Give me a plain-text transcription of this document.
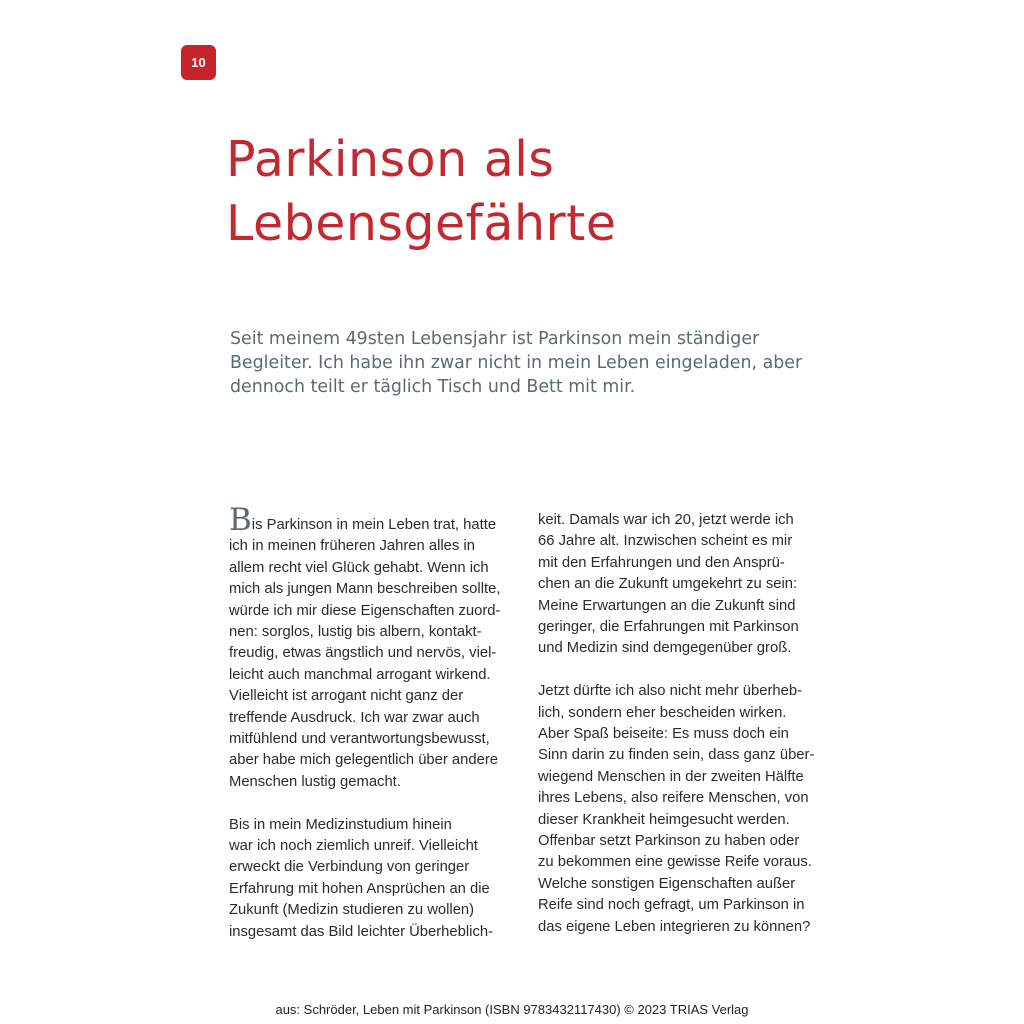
10
Parkinson als
Lebensgefährte

Seit meinem 49sten Lebensjahr ist Parkinson mein ständiger
Begleiter. Ich habe ihn zwar nicht in mein Leben eingeladen, aber
dennoch teilt er täglich Tisch und Bett mit mir.

Bis Parkinson in mein Leben trat, hatte
ich in meinen früheren Jahren alles in
allem recht viel Glück gehabt. Wenn ich
mich als jungen Mann beschreiben sollte,
würde ich mir diese Eigenschaften zuord-
nen: sorglos, lustig bis albern, kontakt-
freudig, etwas ängstlich und nervös, viel-
leicht auch manchmal arrogant wirkend.
Vielleicht ist arrogant nicht ganz der
treffende Ausdruck. Ich war zwar auch
mitfühlend und verantwortungsbewusst,
aber habe mich gelegentlich über andere
Menschen lustig gemacht.

Bis in mein Medizinstudium hinein
war ich noch ziemlich unreif. Vielleicht
erweckt die Verbindung von geringer
Erfahrung mit hohen Ansprüchen an die
Zukunft (Medizin studieren zu wollen)
insgesamt das Bild leichter Überheblich-

keit. Damals war ich 20, jetzt werde ich
66 Jahre alt. Inzwischen scheint es mir
mit den Erfahrungen und den Ansprü-
chen an die Zukunft umgekehrt zu sein:
Meine Erwartungen an die Zukunft sind
geringer, die Erfahrungen mit Parkinson
und Medizin sind demgegenüber groß.

Jetzt dürfte ich also nicht mehr überheb-
lich, sondern eher bescheiden wirken.
Aber Spaß beiseite: Es muss doch ein
Sinn darin zu finden sein, dass ganz über-
wiegend Menschen in der zweiten Hälfte
ihres Lebens, also reifere Menschen, von
dieser Krankheit heimgesucht werden.
Offenbar setzt Parkinson zu haben oder
zu bekommen eine gewisse Reife voraus.
Welche sonstigen Eigenschaften außer
Reife sind noch gefragt, um Parkinson in
das eigene Leben integrieren zu können?

aus: Schröder, Leben mit Parkinson (ISBN 9783432117430) © 2023 TRIAS Verlag
